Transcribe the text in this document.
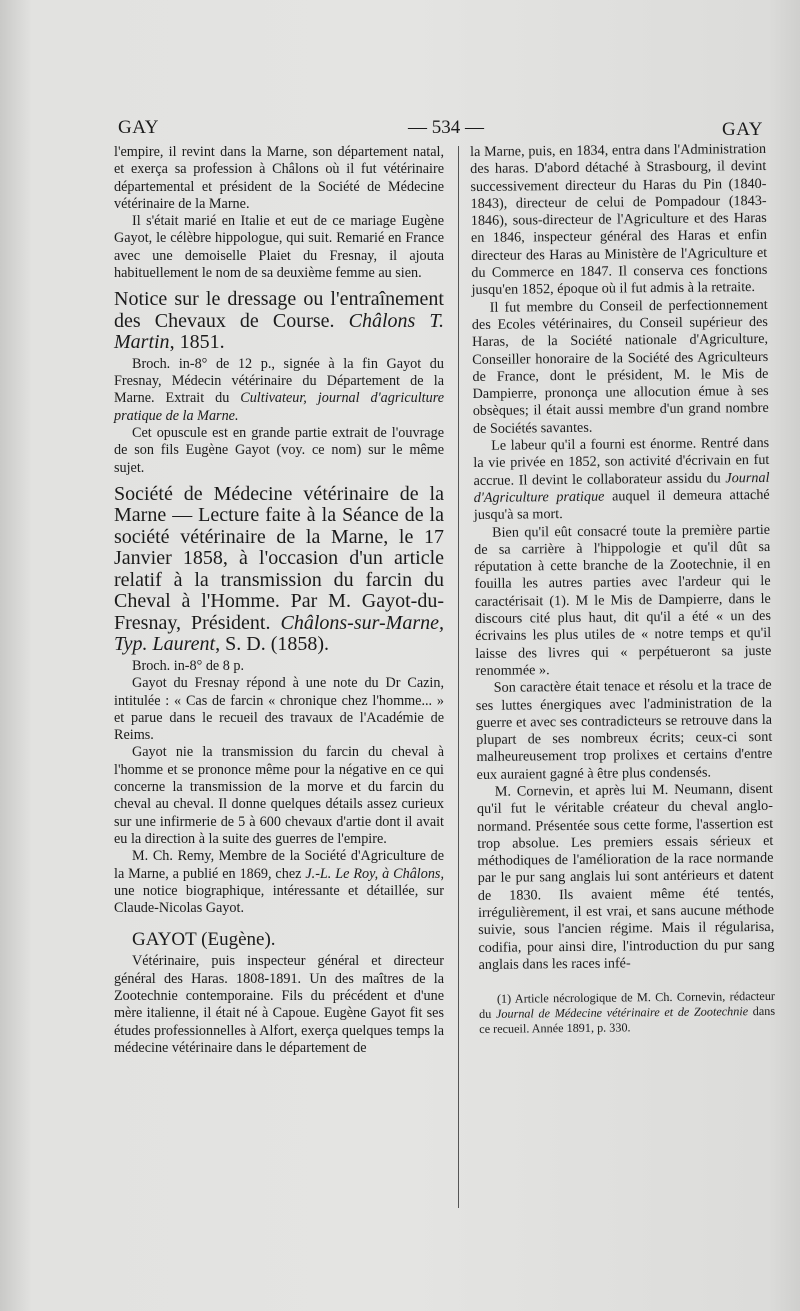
GAY	— 534 —	GAY

l'empire, il revint dans la Marne, son département natal, et exerça sa profession à Châlons où il fut vétérinaire départemental et président de la Société de Médecine vétérinaire de la Marne.

Il s'était marié en Italie et eut de ce mariage Eugène Gayot, le célèbre hippologue, qui suit. Remarié en France avec une demoiselle Plaiet du Fresnay, il ajouta habituellement le nom de sa deuxième femme au sien.

Notice sur le dressage ou l'entraînement des Chevaux de Course. Châlons T. Martin, 1851.

Broch. in-8° de 12 p., signée à la fin Gayot du Fresnay, Médecin vétérinaire du Département de la Marne. Extrait du Cultivateur, journal d'agriculture pratique de la Marne.

Cet opuscule est en grande partie extrait de l'ouvrage de son fils Eugène Gayot (voy. ce nom) sur le même sujet.

Société de Médecine vétérinaire de la Marne — Lecture faite à la Séance de la société vétérinaire de la Marne, le 17 Janvier 1858, à l'occasion d'un article relatif à la transmission du farcin du Cheval à l'Homme. Par M. Gayot-du-Fresnay, Président. Châlons-sur-Marne, Typ. Laurent, S. D. (1858).

Broch. in-8° de 8 p.

Gayot du Fresnay répond à une note du Dr Cazin, intitulée : « Cas de farcin « chronique chez l'homme... » et parue dans le recueil des travaux de l'Académie de Reims.

Gayot nie la transmission du farcin du cheval à l'homme et se prononce même pour la négative en ce qui concerne la transmission de la morve et du farcin du cheval au cheval. Il donne quelques détails assez curieux sur une infirmerie de 5 à 600 chevaux d'artie dont il avait eu la direction à la suite des guerres de l'empire.

M. Ch. Remy, Membre de la Société d'Agriculture de la Marne, a publié en 1869, chez J.-L. Le Roy, à Châlons, une notice biographique, intéressante et détaillée, sur Claude-Nicolas Gayot.

GAYOT (Eugène).

Vétérinaire, puis inspecteur général et directeur général des Haras. 1808-1891. Un des maîtres de la Zootechnie contemporaine. Fils du précédent et d'une mère italienne, il était né à Capoue. Eugène Gayot fit ses études professionnelles à Alfort, exerça quelques temps la médecine vétérinaire dans le département de

la Marne, puis, en 1834, entra dans l'Administration des haras. D'abord détaché à Strasbourg, il devint successivement directeur du Haras du Pin (1840-1843), directeur de celui de Pompadour (1843-1846), sous-directeur de l'Agriculture et des Haras en 1846, inspecteur général des Haras et enfin directeur des Haras au Ministère de l'Agriculture et du Commerce en 1847. Il conserva ces fonctions jusqu'en 1852, époque où il fut admis à la retraite.

Il fut membre du Conseil de perfectionnement des Ecoles vétérinaires, du Conseil supérieur des Haras, de la Société nationale d'Agriculture, Conseiller honoraire de la Société des Agriculteurs de France, dont le président, M. le Mis de Dampierre, prononça une allocution émue à ses obsèques; il était aussi membre d'un grand nombre de Sociétés savantes.

Le labeur qu'il a fourni est énorme. Rentré dans la vie privée en 1852, son activité d'écrivain en fut accrue. Il devint le collaborateur assidu du Journal d'Agriculture pratique auquel il demeura attaché jusqu'à sa mort.

Bien qu'il eût consacré toute la première partie de sa carrière à l'hippologie et qu'il dût sa réputation à cette branche de la Zootechnie, il en fouilla les autres parties avec l'ardeur qui le caractérisait (1). M le Mis de Dampierre, dans le discours cité plus haut, dit qu'il a été « un des écrivains les plus utiles de « notre temps et qu'il laisse des livres qui « perpétueront sa juste renommée ».

Son caractère était tenace et résolu et la trace de ses luttes énergiques avec l'administration de la guerre et avec ses contradicteurs se retrouve dans la plupart de ses nombreux écrits; ceux-ci sont malheureusement trop prolixes et certains d'entre eux auraient gagné à être plus condensés.

M. Cornevin, et après lui M. Neumann, disent qu'il fut le véritable créateur du cheval anglo-normand. Présentée sous cette forme, l'assertion est trop absolue. Les premiers essais sérieux et méthodiques de l'amélioration de la race normande par le pur sang anglais lui sont antérieurs et datent de 1830. Ils avaient même été tentés, irrégulièrement, il est vrai, et sans aucune méthode suivie, sous l'ancien régime. Mais il régularisa, codifia, pour ainsi dire, l'introduction du pur sang anglais dans les races infé-

(1) Article nécrologique de M. Ch. Cornevin, rédacteur du Journal de Médecine vétérinaire et de Zootechnie dans ce recueil. Année 1891, p. 330.
